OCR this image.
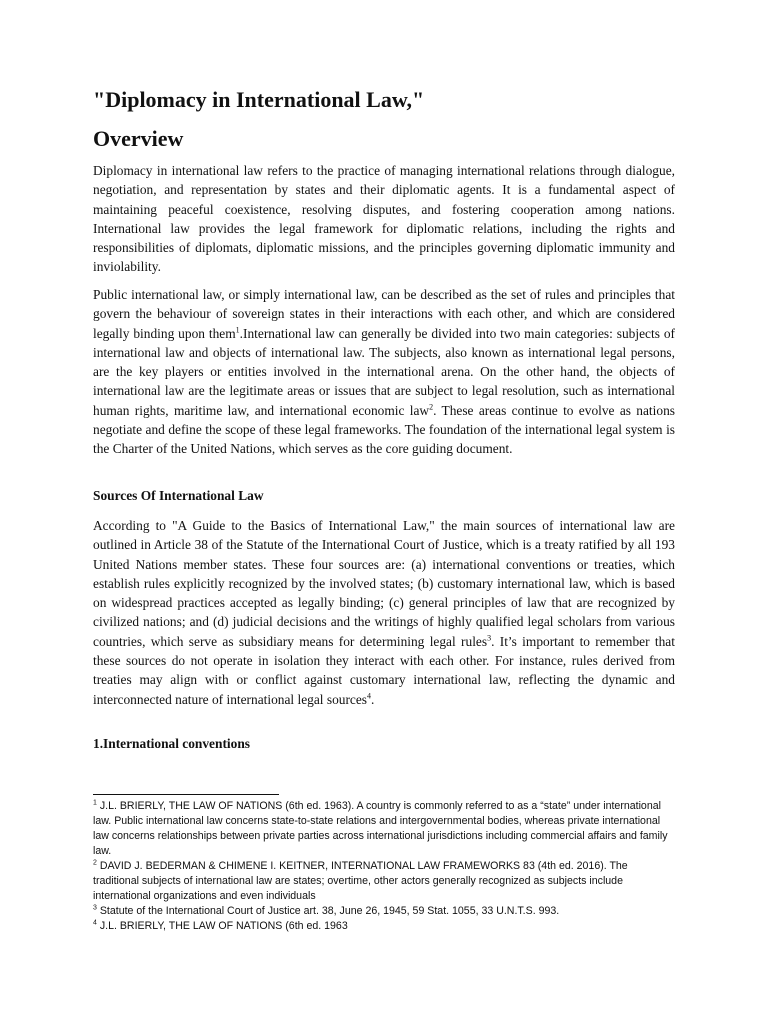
"Diplomacy in International Law,"
Overview

Diplomacy in international law refers to the practice of managing international relations through dialogue, negotiation, and representation by states and their diplomatic agents. It is a fundamental aspect of maintaining peaceful coexistence, resolving disputes, and fostering cooperation among nations. International law provides the legal framework for diplomatic relations, including the rights and responsibilities of diplomats, diplomatic missions, and the principles governing diplomatic immunity and inviolability.

Public international law, or simply international law, can be described as the set of rules and principles that govern the behaviour of sovereign states in their interactions with each other, and which are considered legally binding upon them$^1$.International law can generally be divided into two main categories: subjects of international law and objects of international law. The subjects, also known as international legal persons, are the key players or entities involved in the international arena. On the other hand, the objects of international law are the legitimate areas or issues that are subject to legal resolution, such as international human rights, maritime law, and international economic law$^2$. These areas continue to evolve as nations negotiate and define the scope of these legal frameworks. The foundation of the international legal system is the Charter of the United Nations, which serves as the core guiding document.

Sources Of International Law

According to "A Guide to the Basics of International Law," the main sources of international law are outlined in Article 38 of the Statute of the International Court of Justice, which is a treaty ratified by all 193 United Nations member states. These four sources are: (a) international conventions or treaties, which establish rules explicitly recognized by the involved states; (b) customary international law, which is based on widespread practices accepted as legally binding; (c) general principles of law that are recognized by civilized nations; and (d) judicial decisions and the writings of highly qualified legal scholars from various countries, which serve as subsidiary means for determining legal rules$^3$. It’s important to remember that these sources do not operate in isolation they interact with each other. For instance, rules derived from treaties may align with or conflict against customary international law, reflecting the dynamic and interconnected nature of international legal sources$^4$.

1.International conventions

$^1$ J.L. BRIERLY, THE LAW OF NATIONS (6th ed. 1963). A country is commonly referred to as a “state” under international law. Public international law concerns state-to-state relations and intergovernmental bodies, whereas private international law concerns relationships between private parties across international jurisdictions including commercial affairs and family law.

$^2$ DAVID J. BEDERMAN & CHIMENE I. KEITNER, INTERNATIONAL LAW FRAMEWORKS 83 (4th ed. 2016). The traditional subjects of international law are states; overtime, other actors generally recognized as subjects include international organizations and even individuals

$^3$ Statute of the International Court of Justice art. 38, June 26, 1945, 59 Stat. 1055, 33 U.N.T.S. 993.

$^4$ J.L. BRIERLY, THE LAW OF NATIONS (6th ed. 1963
